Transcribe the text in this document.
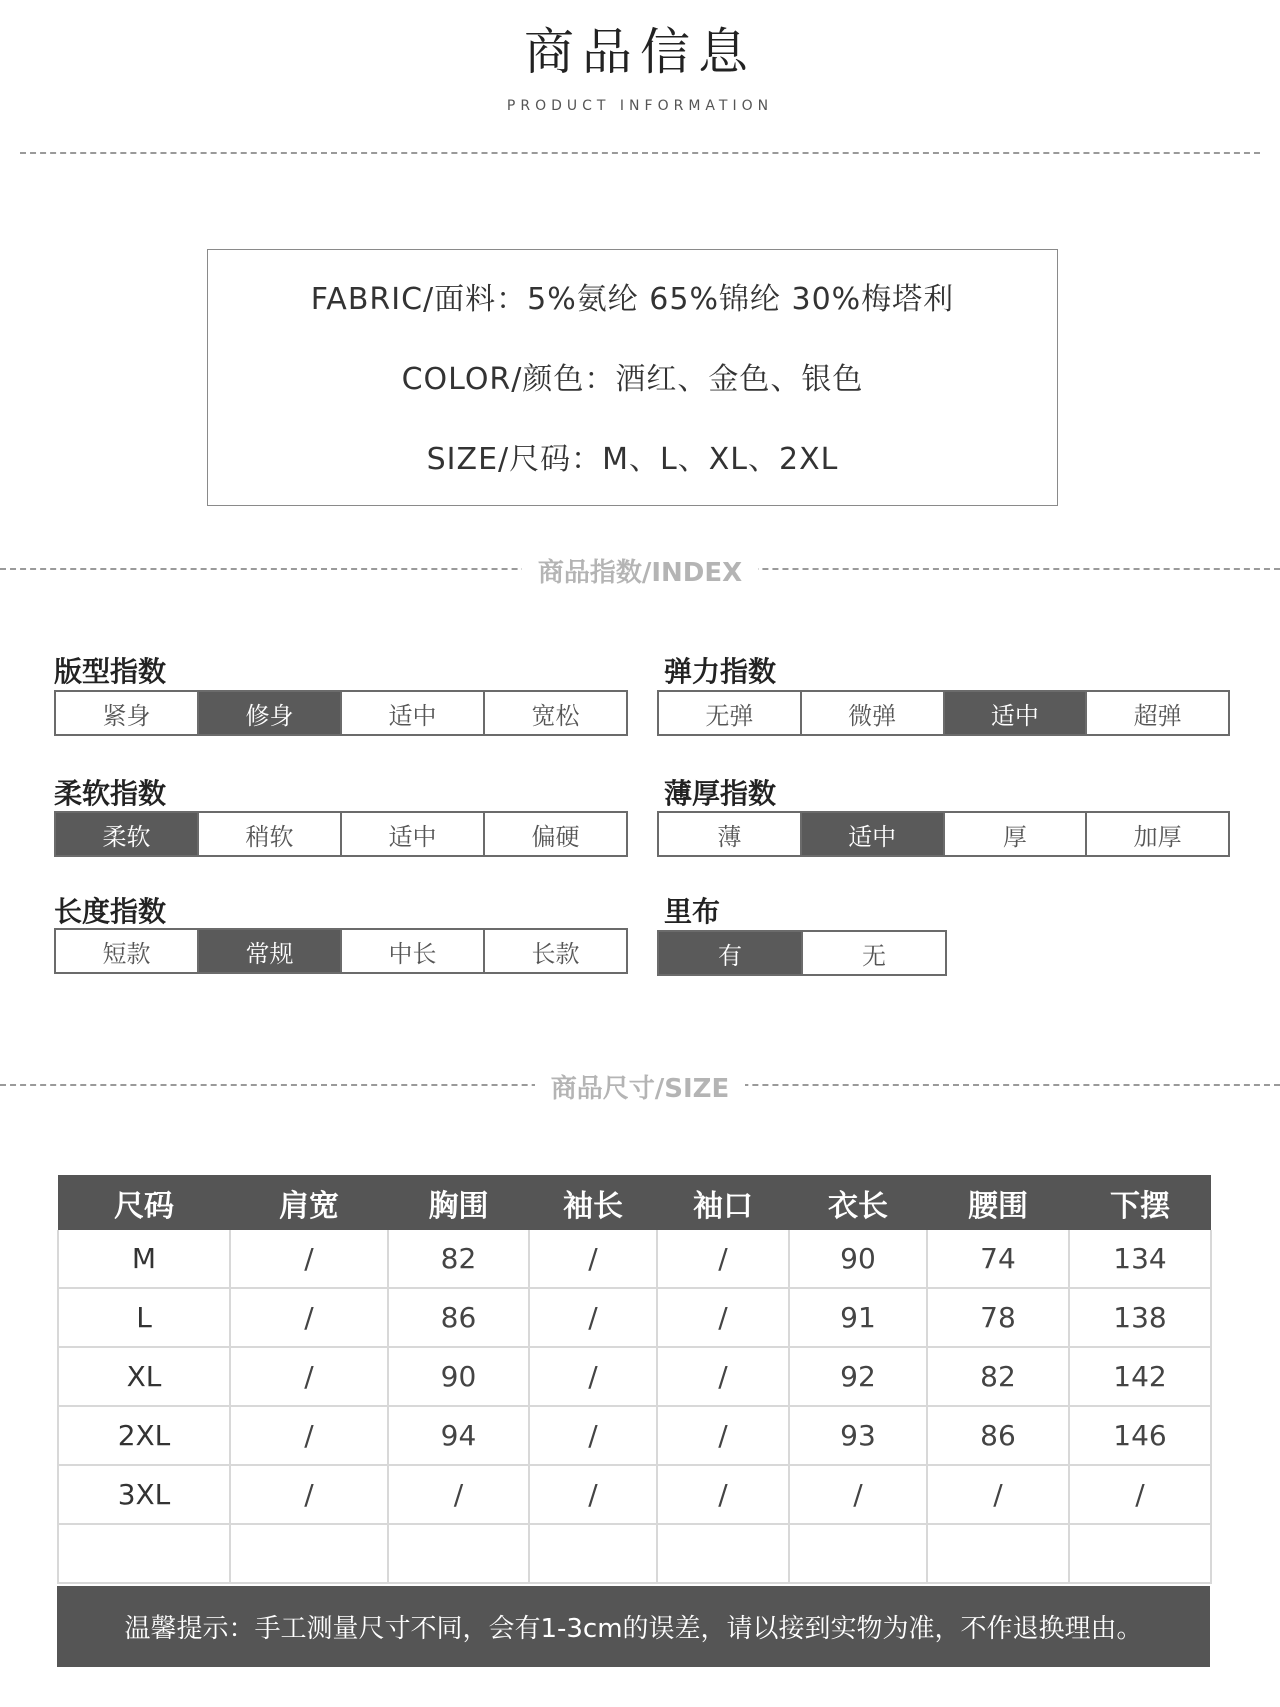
商品信息
PRODUCT INFORMATION
FABRIC/面料：5%氨纶 65%锦纶 30%梅塔利
COLOR/颜色：酒红、金色、银色
SIZE/尺码：M、L、XL、2XL
商品指数/INDEX
版型指数
紧身	修身	适中	宽松
弹力指数
无弹	微弹	适中	超弹
柔软指数
柔软	稍软	适中	偏硬
薄厚指数
薄	适中	厚	加厚
长度指数
短款	常规	中长	长款
里布
有	无
商品尺寸/SIZE
尺码	肩宽	胸围	袖长	袖口	衣长	腰围	下摆
M	/	82	/	/	90	74	134
L	/	86	/	/	91	78	138
XL	/	90	/	/	92	82	142
2XL	/	94	/	/	93	86	146
3XL	/	/	/	/	/	/	/

温馨提示：手工测量尺寸不同，会有1-3cm的误差，请以接到实物为准，不作退换理由。
